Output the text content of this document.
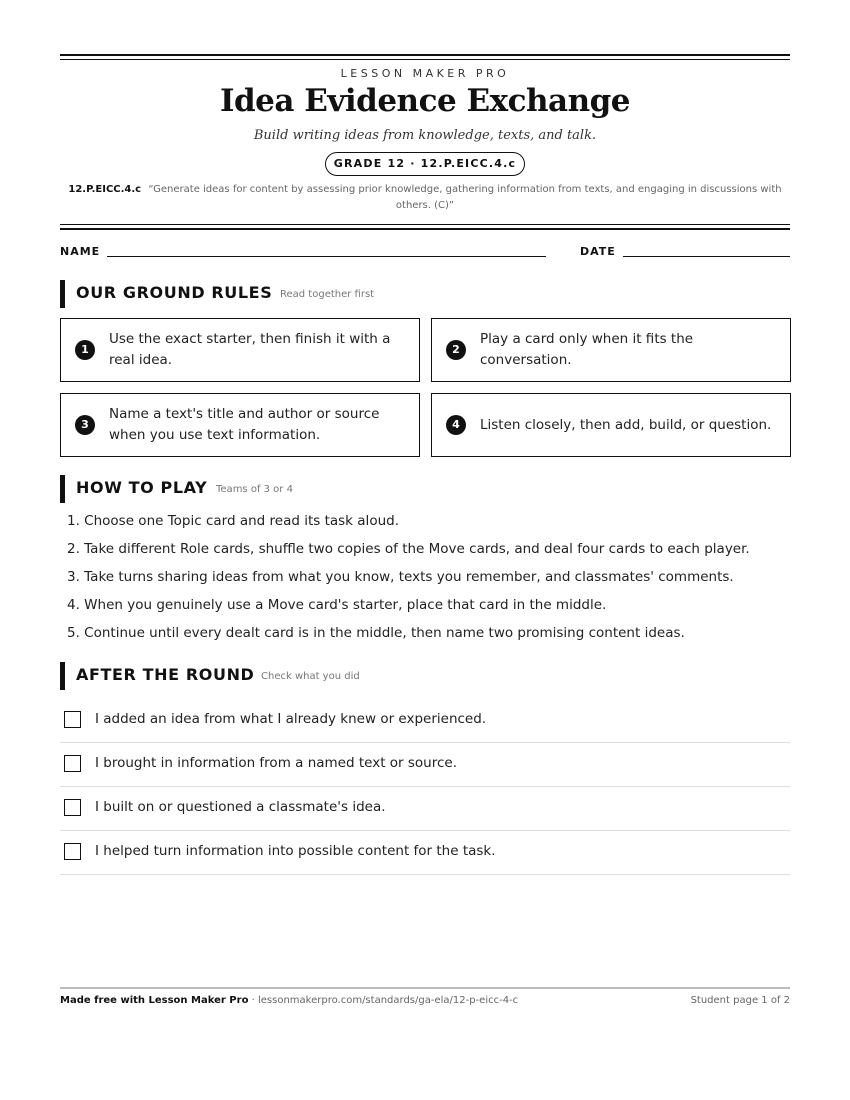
LESSON MAKER PRO
Idea Evidence Exchange
Build writing ideas from knowledge, texts, and talk.
GRADE 12 · 12.P.EICC.4.c
12.P.EICC.4.c “Generate ideas for content by assessing prior knowledge, gathering information from texts, and engaging in discussions with others. (C)”
NAME	DATE
OUR GROUND RULES Read together first
1
Use the exact starter, then finish it with a real idea.
2
Play a card only when it fits the conversation.
3
Name a text's title and author or source when you use text information.
4	Listen closely, then add, build, or question.
HOW TO PLAY Teams of 3 or 4
1. Choose one Topic card and read its task aloud.
2. Take different Role cards, shuffle two copies of the Move cards, and deal four cards to each player.
3. Take turns sharing ideas from what you know, texts you remember, and classmates' comments.
4. When you genuinely use a Move card's starter, place that card in the middle.
5. Continue until every dealt card is in the middle, then name two promising content ideas.
AFTER THE ROUND Check what you did
I added an idea from what I already knew or experienced.
I brought in information from a named text or source.
I built on or questioned a classmate's idea.
I helped turn information into possible content for the task.
Made free with Lesson Maker Pro · lessonmakerpro.com/standards/ga-ela/12-p-eicc-4-c	Student page 1 of 2
